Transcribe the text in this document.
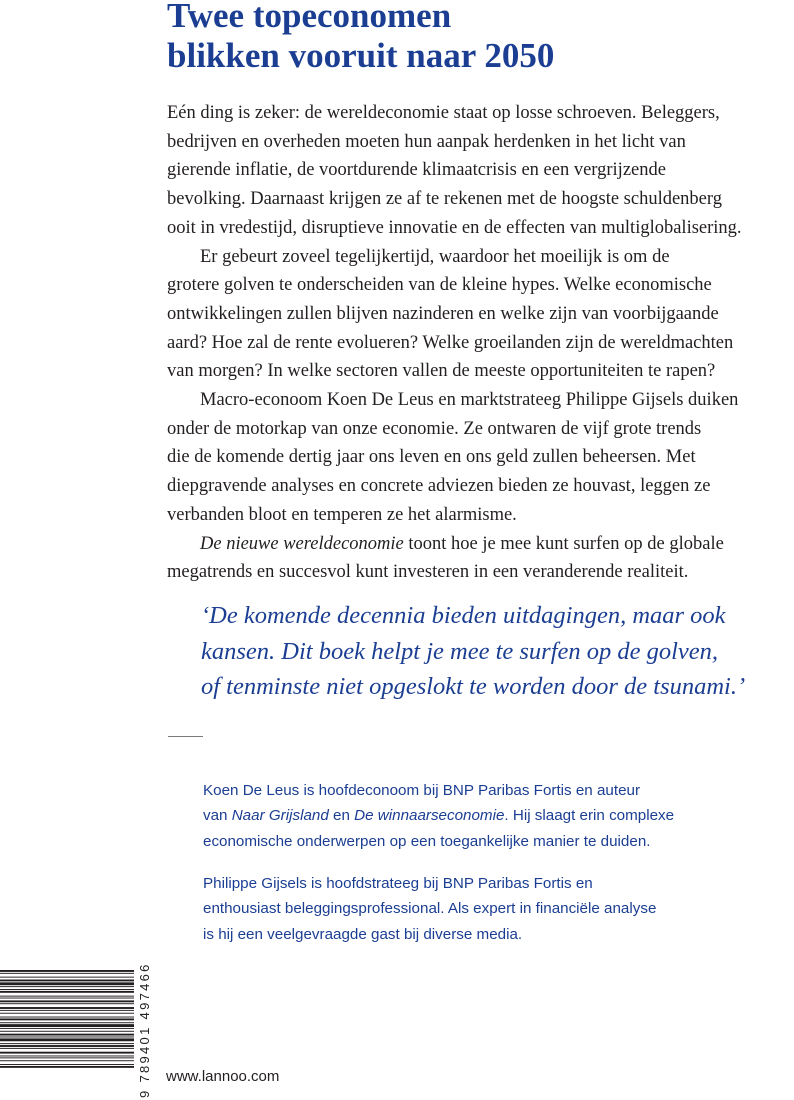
Twee topeconomen
blikken vooruit naar 2050
Eén ding is zeker: de wereldeconomie staat op losse schroeven. Beleggers,
bedrijven en overheden moeten hun aanpak herdenken in het licht van
gierende inflatie, de voortdurende klimaatcrisis en een vergrijzende
bevolking. Daarnaast krijgen ze af te rekenen met de hoogste schuldenberg
ooit in vredestijd, disruptieve innovatie en de effecten van multiglobalisering.
Er gebeurt zoveel tegelijkertijd, waardoor het moeilijk is om de
grotere golven te onderscheiden van de kleine hypes. Welke economische
ontwikkelingen zullen blijven nazinderen en welke zijn van voorbijgaande
aard? Hoe zal de rente evolueren? Welke groeilanden zijn de wereldmachten
van morgen? In welke sectoren vallen de meeste opportuniteiten te rapen?
Macro-econoom Koen De Leus en marktstrateeg Philippe Gijsels duiken
onder de motorkap van onze economie. Ze ontwaren de vijf grote trends
die de komende dertig jaar ons leven en ons geld zullen beheersen. Met
diepgravende analyses en concrete adviezen bieden ze houvast, leggen ze
verbanden bloot en temperen ze het alarmisme.
De nieuwe wereldeconomie toont hoe je mee kunt surfen op de globale
megatrends en succesvol kunt investeren in een veranderende realiteit.
‘De komende decennia bieden uitdagingen, maar ook
kansen. Dit boek helpt je mee te surfen op de golven,
of tenminste niet opgeslokt te worden door de tsunami.’
Koen De Leus is hoofdeconoom bij BNP Paribas Fortis en auteur
van Naar Grijsland en De winnaarseconomie. Hij slaagt erin complexe
economische onderwerpen op een toegankelijke manier te duiden.
Philippe Gijsels is hoofdstrateeg bij BNP Paribas Fortis en
enthousiast beleggingsprofessional. Als expert in financiële analyse
is hij een veelgevraagde gast bij diverse media.
9 789401 497466 www.lannoo.com
